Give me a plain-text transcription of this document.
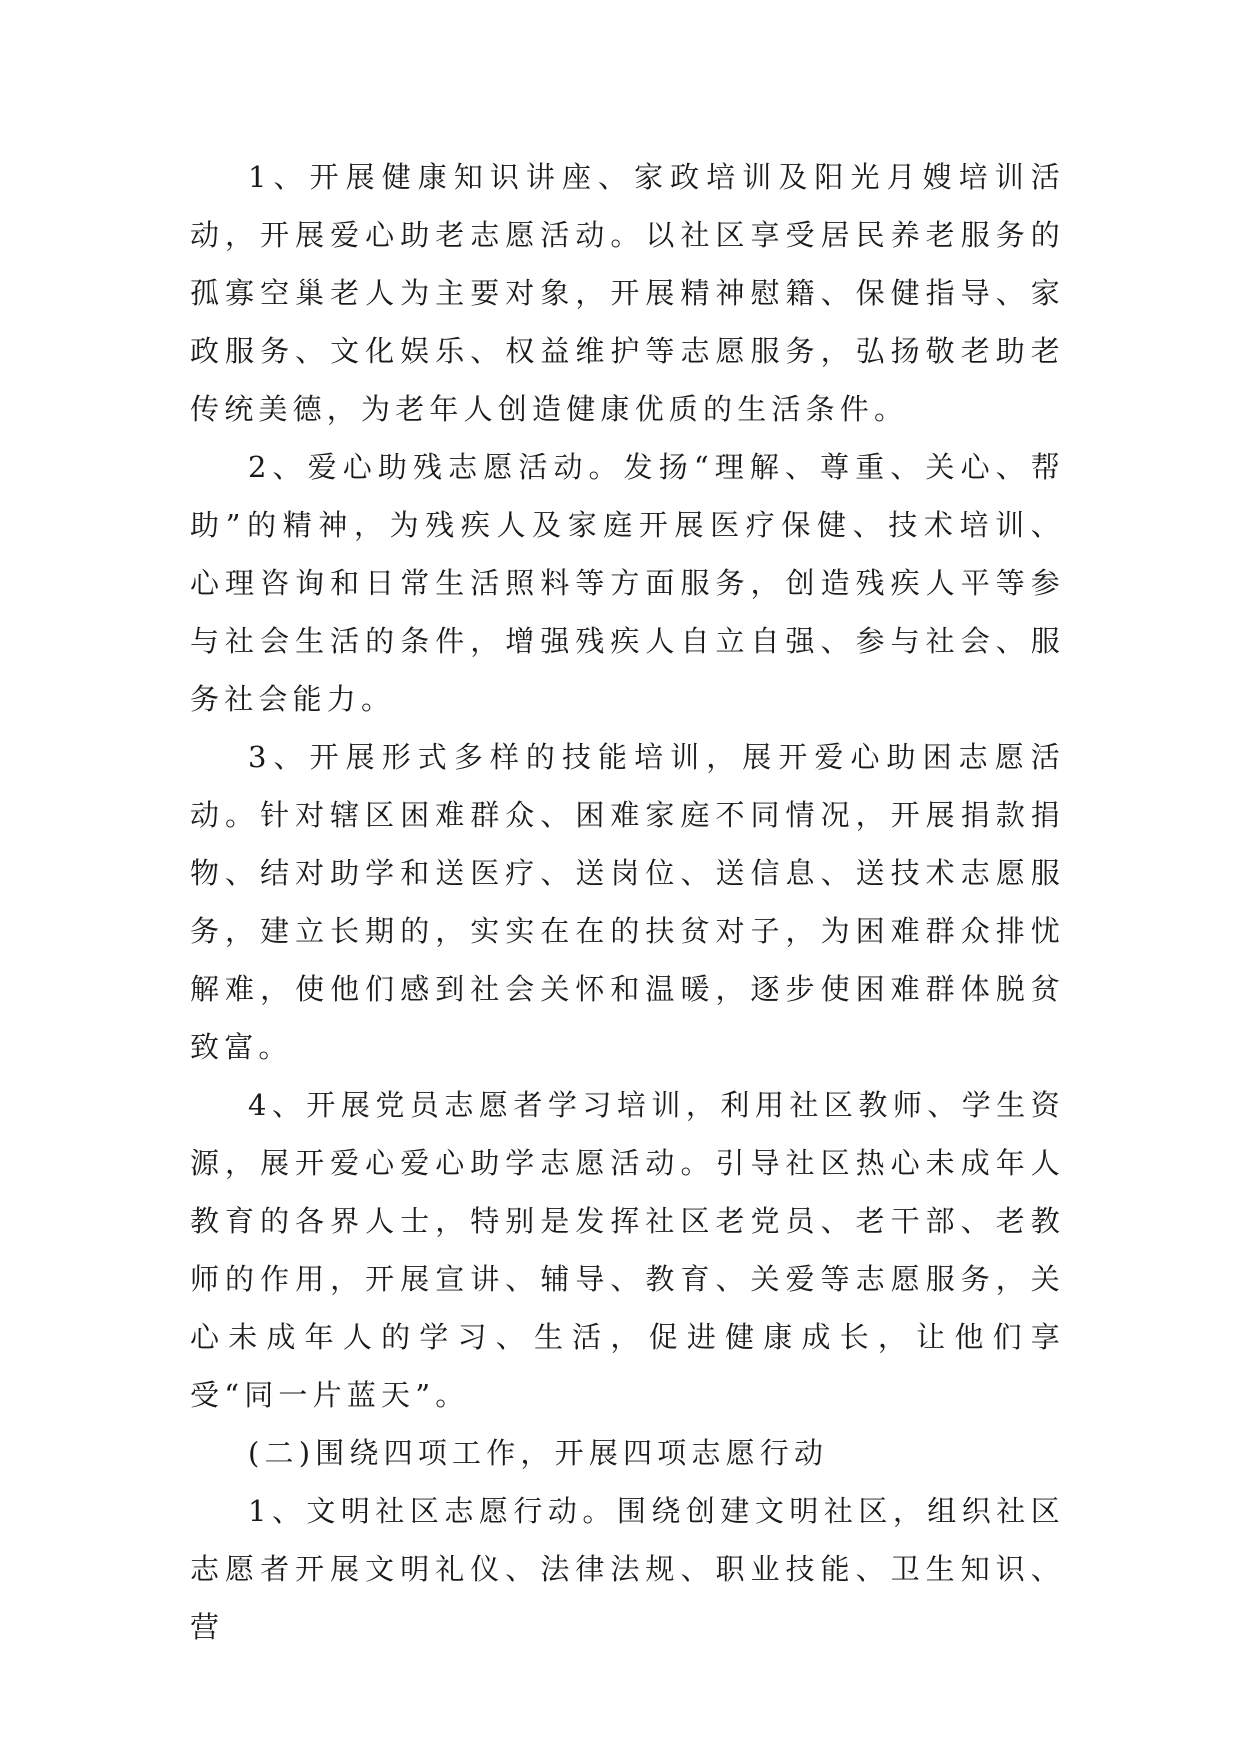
1、开展健康知识讲座、家政培训及阳光月嫂培训活动，开展爱心助老志愿活动。以社区享受居民养老服务的孤寡空巢老人为主要对象，开展精神慰籍、保健指导、家政服务、文化娱乐、权益维护等志愿服务，弘扬敬老助老传统美德，为老年人创造健康优质的生活条件。

2、爱心助残志愿活动。发扬“理解、尊重、关心、帮助”的精神，为残疾人及家庭开展医疗保健、技术培训、心理咨询和日常生活照料等方面服务，创造残疾人平等参与社会生活的条件，增强残疾人自立自强、参与社会、服务社会能力。

3、开展形式多样的技能培训，展开爱心助困志愿活动。针对辖区困难群众、困难家庭不同情况，开展捐款捐物、结对助学和送医疗、送岗位、送信息、送技术志愿服务，建立长期的，实实在在的扶贫对子，为困难群众排忧解难，使他们感到社会关怀和温暖，逐步使困难群体脱贫致富。

4、开展党员志愿者学习培训，利用社区教师、学生资源，展开爱心爱心助学志愿活动。引导社区热心未成年人教育的各界人士，特别是发挥社区老党员、老干部、老教师的作用，开展宣讲、辅导、教育、关爱等志愿服务，关心未成年人的学习、生活，促进健康成长，让他们享受“同一片蓝天”。

(二)围绕四项工作，开展四项志愿行动

1、文明社区志愿行动。围绕创建文明社区，组织社区志愿者开展文明礼仪、法律法规、职业技能、卫生知识、营
